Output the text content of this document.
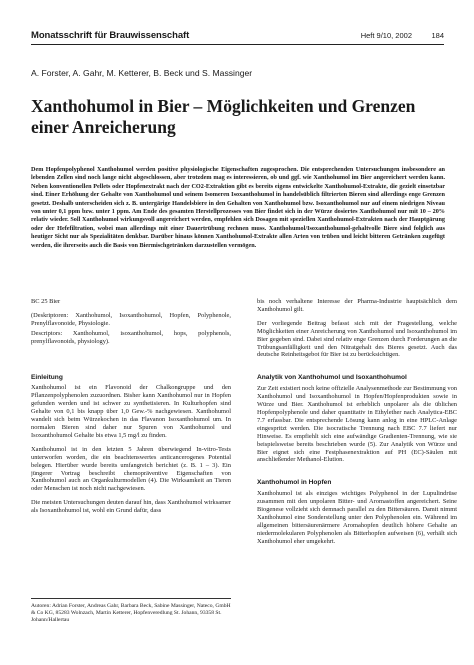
Monatsschrift für Brauwissenschaft	Heft 9/10, 2002	184
A. Forster, A. Gahr, M. Ketterer, B. Beck und S. Massinger
Xanthohumol in Bier – Möglichkeiten und Grenzen einer Anreicherung

Dem Hopfenpolyphenol Xanthohumol werden positive physiologische Eigenschaften zugesprochen. Die entsprechenden Untersuchungen insbesondere an lebenden Zellen sind noch lange nicht abgeschlossen, aber trotzdem mag es interessieren, ob und ggf. wie Xanthohumol im Bier angereichert werden kann. Neben konventionellen Pellets oder Hopfenextrakt nach der CO2-Extraktion gibt es bereits eigens entwickelte Xanthohumol-Extrakte, die gezielt einsetzbar sind. Einer Erhöhung der Gehalte von Xanthohumol und seinem Isomeren Isoxanthohumol in handelsüblich filtrierten Bieren sind allerdings enge Grenzen gesetzt. Deshalb unterscheiden sich z. B. untergärige Handelsbiere in den Gehalten von Xanthohumol bzw. Isoxanthohumol nur auf einem niedrigen Niveau von unter 0,1 ppm bzw. unter 1 ppm. Am Ende des gesamten Herstellprozesses von Bier findet sich in der Würze dosiertes Xanthohumol nur mit 10 – 20% relativ wieder. Soll Xanthohumol wirkungsvoll angereichert werden, empfehlen sich Dosagen mit speziellen Xanthohumol-Extrakten nach der Hauptgärung oder der Hefefiltration, wobei man allerdings mit einer Dauertrübung rechnen muss. Xanthohumol/Isoxanthohumol-gehaltvolle Biere sind folglich aus heutiger Sicht nur als Spezialitäten denkbar. Darüber hinaus können Xanthohumol-Extrakte allen Arten von trüben und leicht bitteren Getränken zugefügt werden, die ihrerseits auch die Basis von Biermischgetränken darzustellen vermögen.

BC 25 Bier

(Deskriptoren: Xanthohumol, Isoxanthohumol, Hopfen, Polyphenole, Prenylflavonoide, Physiologie.

Descriptors: Xanthohumol, isoxanthohumol, hops, polyphenols, prenylflavonoids, physiology).

Einleitung

Xanthohumol ist ein Flavonoid der Chalkongruppe und den Pflanzenpolyphenolen zuzuordnen. Bisher kann Xanthohumol nur in Hopfen gefunden werden und ist schwer zu synthetisieren. In Kulturhopfen sind Gehalte von 0,1 bis knapp über 1,0 Gew.-% nachgewiesen. Xanthohumol wandelt sich beim Würzekochen in das Flavanon Isoxanthohumol um. In normalen Bieren sind daher nur Spuren von Xanthohumol und Isoxanthohumol Gehalte bis etwa 1,5 mg/l zu finden.

Xanthohumol ist in den letzten 5 Jahren überwiegend In-vitro-Tests unterworfen worden, die ein beachtenswertes anticancerogenes Potential belegen. Hierüber wurde bereits umfangreich berichtet (z. B. 1 – 3). Ein jüngerer Vortrag beschreibt chemopräventive Eigenschaften von Xanthohumol auch an Organkulturmodellen (4). Die Wirksamkeit an Tieren oder Menschen ist noch nicht nachgewiesen.

Die meisten Untersuchungen deuten darauf hin, dass Xanthohumol wirksamer als Isoxanthohumol ist, wohl ein Grund dafür, dass

Autoren: Adrian Forster, Andreas Gahr, Barbara Beck, Sabine Massinger, Nateco, GmbH & Co KG, 85283 Wolnzach, Martin Ketterer, Hopfenveredlung St. Johann, 93358 St. Johann/Hallertau

bis noch verhaltene Interesse der Pharma-Industrie hauptsächlich dem Xanthohumol gilt.

Der vorliegende Beitrag befasst sich mit der Fragestellung, welche Möglichkeiten einer Anreicherung von Xanthohumol und Isoxanthohumol im Bier gegeben sind. Dabei sind relativ enge Grenzen durch Forderungen an die Trübungsanfälligkeit und den Nitratgehalt des Bieres gesetzt. Auch das deutsche Reinheitsgebot für Bier ist zu berücksichtigen.

Analytik von Xanthohumol und Isoxanthohumol

Zur Zeit existiert noch keine offizielle Analysenmethode zur Bestimmung von Xanthohumol und Isoxanthohumol in Hopfen/Hopfenprodukten sowie in Würze und Bier. Xanthohumol ist erheblich unpolarer als die üblichen Hopfenpolyphenole und daher quantitativ in Ethylether nach Analytica-EBC 7.7 erfassbar. Die entsprechende Lösung kann anlog in eine HPLC-Anlage eingespritzt werden. Die isocratische Trennung nach EBC 7.7 liefert nur Hinweise. Es empfiehlt sich eine aufwändige Gradienten-Trennung, wie sie beispielsweise bereits beschrieben wurde (5). Zur Analytik von Würze und Bier eignet sich eine Festphasenextraktion auf PH (EC)-Säulen mit anschließender Methanol-Elution.

Xanthohumol in Hopfen

Xanthohumol ist als einziges wichtiges Polyphenol in der Lupulindrüse zusammen mit den unpolaren Bitter- und Aromastoffen angereichert. Seine Biogenese vollzieht sich demnach parallel zu den Bittersäuren. Damit nimmt Xanthohumol eine Sonderstellung unter den Polyphenolen ein. Während im allgemeinen bittersäurenärmere Aromahopfen deutlich höhere Gehalte an niedermolekularen Polyphenolen als Bitterhopfen aufweisen (6), verhält sich Xanthohumol eher umgekehrt.
